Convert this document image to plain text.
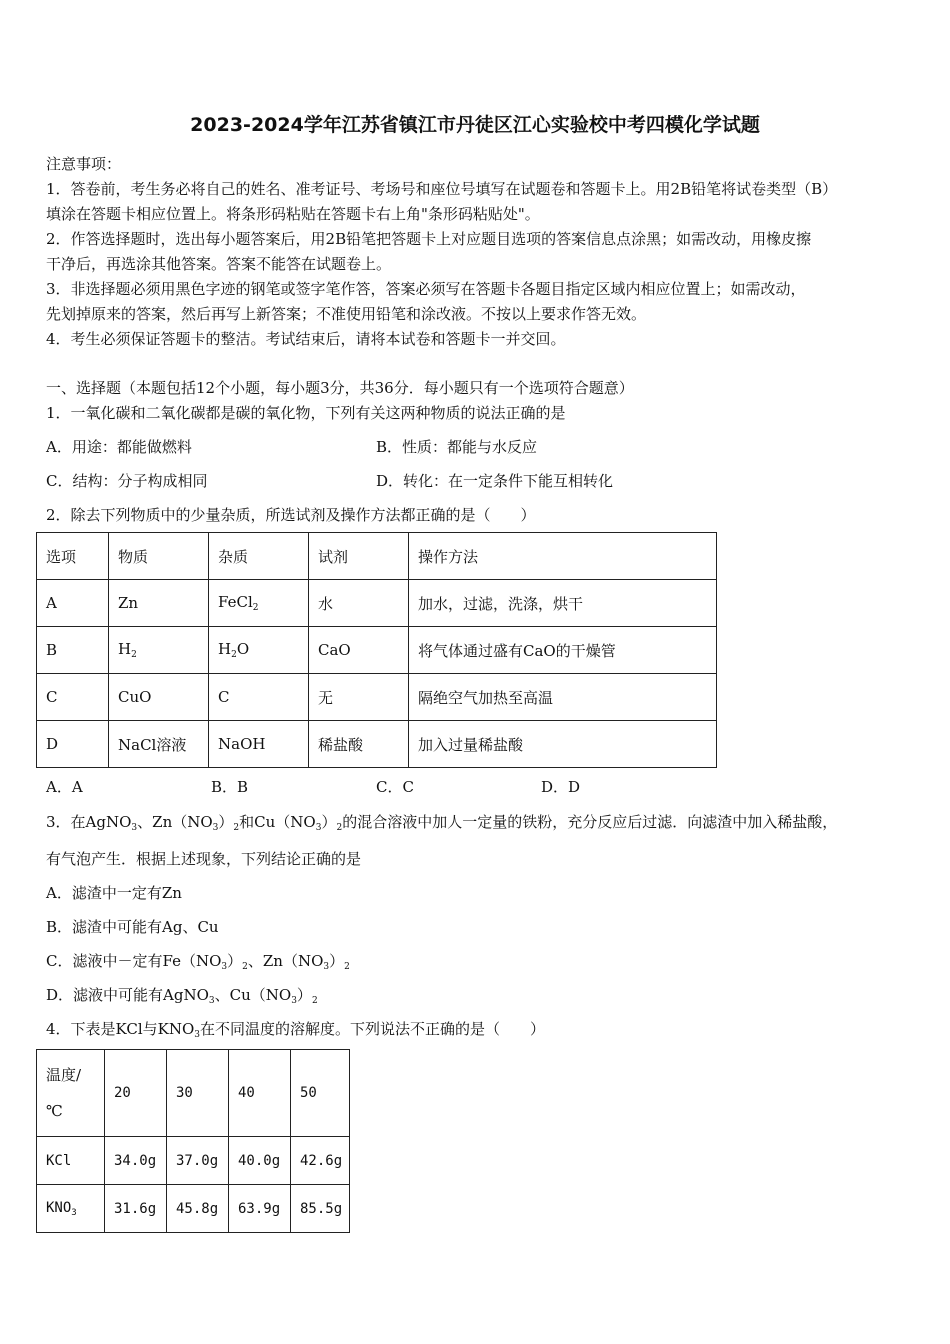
2023-2024学年江苏省镇江市丹徒区江心实验校中考四模化学试题
注意事项：
1．答卷前，考生务必将自己的姓名、准考证号、考场号和座位号填写在试题卷和答题卡上。用2B铅笔将试卷类型（B）
填涂在答题卡相应位置上。将条形码粘贴在答题卡右上角"条形码粘贴处"。
2．作答选择题时，选出每小题答案后，用2B铅笔把答题卡上对应题目选项的答案信息点涂黑；如需改动，用橡皮擦
干净后，再选涂其他答案。答案不能答在试题卷上。
3．非选择题必须用黑色字迹的钢笔或签字笔作答，答案必须写在答题卡各题目指定区域内相应位置上；如需改动，
先划掉原来的答案，然后再写上新答案；不准使用铅笔和涂改液。不按以上要求作答无效。
4．考生必须保证答题卡的整洁。考试结束后，请将本试卷和答题卡一并交回。
一、选择题（本题包括12个小题，每小题3分，共36分．每小题只有一个选项符合题意）
1．一氧化碳和二氧化碳都是碳的氧化物，下列有关这两种物质的说法正确的是
A．用途：都能做燃料	B．性质：都能与水反应
C．结构：分子构成相同	D．转化：在一定条件下能互相转化
2．除去下列物质中的少量杂质，所选试剂及操作方法都正确的是（　　）
选项	物质	杂质	试剂	操作方法
A	Zn	FeCl$_2$	水	加水，过滤，洗涤，烘干
B	$H_2$	$H_2O$	CaO	将气体通过盛有CaO的干燥管
C	CuO	C	无	隔绝空气加热至高温
D	NaCl溶液	NaOH	稀盐酸	加入过量稀盐酸
A．A	B．B	C．C	D．D
3．在AgNO$_3$、$Zn(NO_3)_2$和$Cu(NO_3)_2$的混合溶液中加人一定量的铁粉，充分反应后过滤．向滤渣中加入稀盐酸，
有气泡产生．根据上述现象，下列结论正确的是
A．滤渣中一定有Zn
B．滤渣中可能有Ag、Cu
C．滤液中－定有$Fe(NO_3)_2$、$Zn(NO_3)_2$
D．滤液中可能有AgNO$_3$、$Cu(NO_3)_2$
4．下表是KCl与$KNO_3$在不同温度的溶解度。下列说法不正确的是（　　）
温度/
℃	20	30	40	50
KCl	34.0g	37.0g	40.0g	42.6g
$KNO_3$	31.6g	45.8g	63.9g	85.5g
